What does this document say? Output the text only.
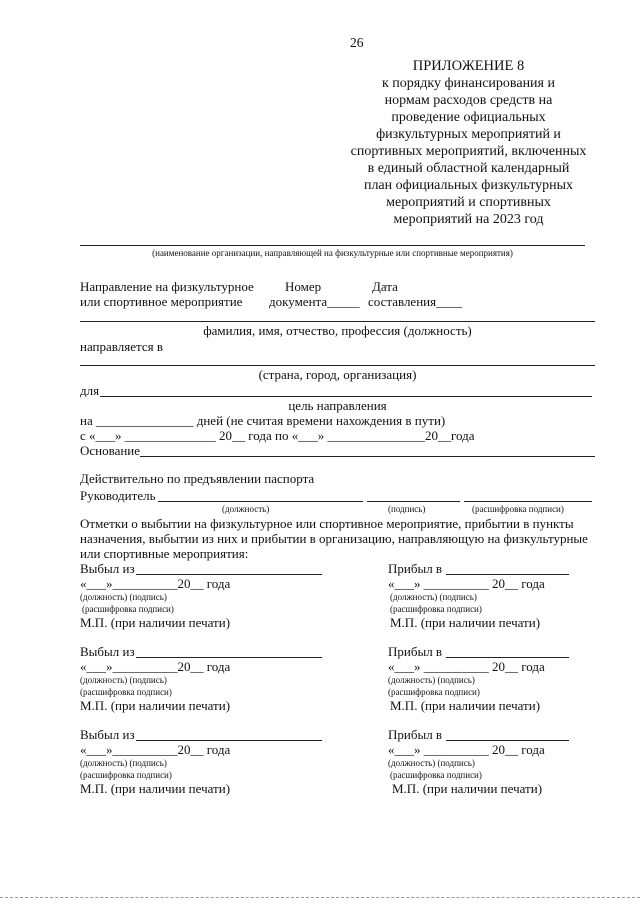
26
ПРИЛОЖЕНИЕ 8
к порядку финансирования и
нормам расходов средств на
проведение официальных
физкультурных мероприятий и
спортивных мероприятий, включенных
в единый областной календарный
план официальных физкультурных
мероприятий и спортивных
мероприятий на 2023 год
(наименование организации, направляющей на физкультурные или спортивные мероприятия)
Направление на физкультурное
или спортивное мероприятие
Номер
документа_____
Дата
составления____
фамилия, имя, отчество, профессия (должность)
направляется в
(страна, город, организация)
для
цель направления
на _______________ дней (не считая времени нахождения в пути)
с «___» ______________ 20__ года по «___» _______________20__года
Основание
Действительно по предъявлении паспорта
Руководитель
(должность)	(подпись)	(расшифровка подписи)
Отметки о выбытии на физкультурное или спортивное мероприятие, прибытии в пункты
назначения, выбытии из них и прибытии в организацию, направляющую на физкультурные
или спортивные мероприятия:
Выбыл из
«___»__________20__ года
(должность) (подпись)
(расшифровка подписи)
М.П. (при наличии печати)
Прибыл в
«___» __________ 20__ года
(должность) (подпись)
(расшифровка подписи)
М.П. (при наличии печати)
Выбыл из
«___»__________20__ года
(должность) (подпись)
(расшифровка подписи)
М.П. (при наличии печати)
Прибыл в
«___» __________ 20__ года
(должность) (подпись)
(расшифровка подписи)
М.П. (при наличии печати)
Выбыл из
«___»__________20__ года
(должность) (подпись)
(расшифровка подписи)
М.П. (при наличии печати)
Прибыл в
«___» __________ 20__ года
(должность) (подпись)
(расшифровка подписи)
М.П. (при наличии печати)
